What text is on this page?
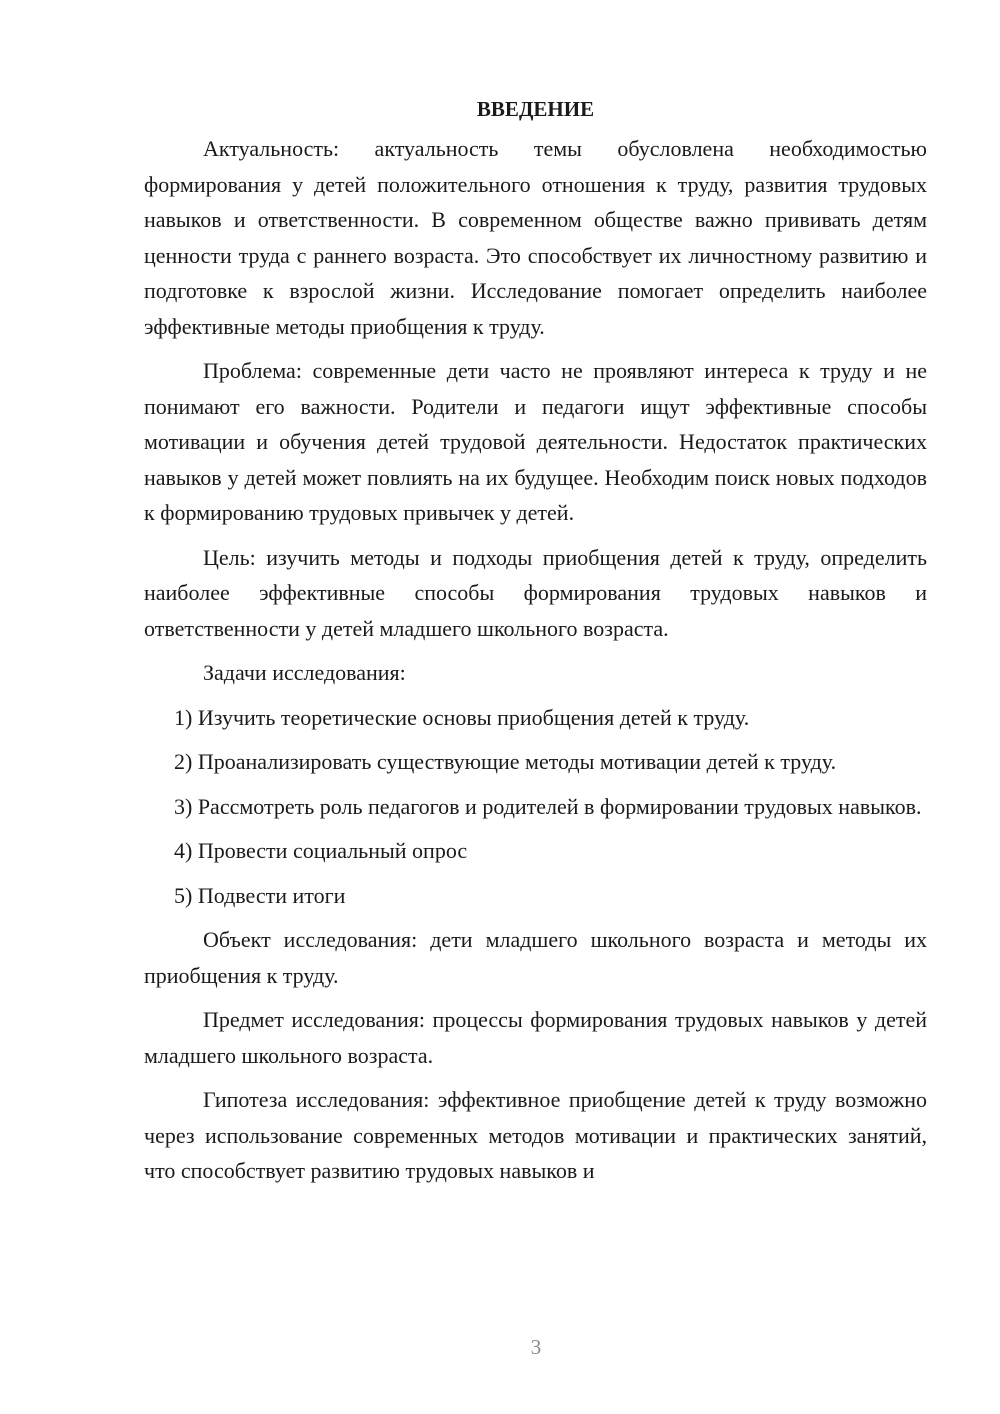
ВВЕДЕНИЕ

Актуальность: актуальность темы обусловлена необходимостью формирования у детей положительного отношения к труду, развития трудовых навыков и ответственности. В современном обществе важно прививать детям ценности труда с раннего возраста. Это способствует их личностному развитию и подготовке к взрослой жизни. Исследование помогает определить наиболее эффективные методы приобщения к труду.

Проблема: современные дети часто не проявляют интереса к труду и не понимают его важности. Родители и педагоги ищут эффективные способы мотивации и обучения детей трудовой деятельности. Недостаток практических навыков у детей может повлиять на их будущее. Необходим поиск новых подходов к формированию трудовых привычек у детей.

Цель: изучить методы и подходы приобщения детей к труду, определить наиболее эффективные способы формирования трудовых навыков и ответственности у детей младшего школьного возраста.

Задачи исследования:

1) Изучить теоретические основы приобщения детей к труду.

2) Проанализировать существующие методы мотивации детей к труду.

3) Рассмотреть роль педагогов и родителей в формировании трудовых навыков.

4) Провести социальный опрос

5) Подвести итоги

Объект исследования: дети младшего школьного возраста и методы их приобщения к труду.

Предмет исследования: процессы формирования трудовых навыков у детей младшего школьного возраста.

Гипотеза исследования: эффективное приобщение детей к труду возможно через использование современных методов мотивации и практических занятий, что способствует развитию трудовых навыков и

3
